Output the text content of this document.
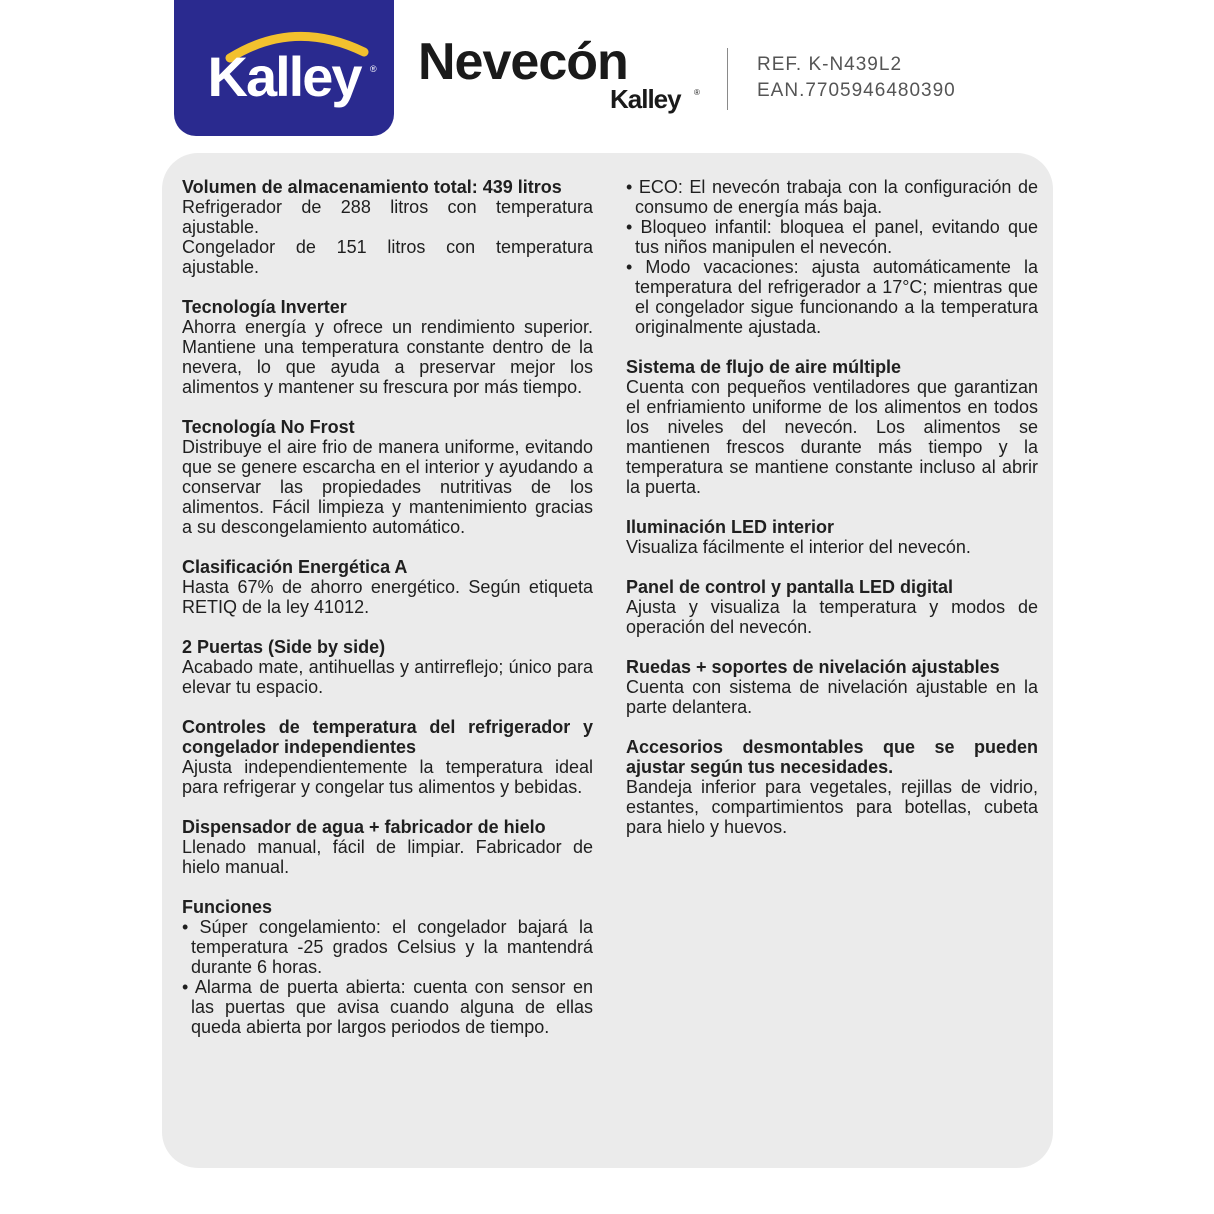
Kalley	® Nevecón
Kalley ®
REF. K-N439L2
EAN.7705946480390
Volumen de almacenamiento total: 439 litros
Refrigerador de 288 litros con temperatura ajustable.
Congelador de 151 litros con temperatura ajustable.
Tecnología Inverter
Ahorra energía y ofrece un rendimiento superior. Mantiene una temperatura constante dentro de la nevera, lo que ayuda a preservar mejor los alimentos y mantener su frescura por más tiempo.
Tecnología No Frost
Distribuye el aire frio de manera uniforme, evitando que se genere escarcha en el interior y ayudando a conservar las propiedades nutritivas de los alimentos. Fácil limpieza y mantenimiento gracias a su descongelamiento automático.
Clasificación Energética A
Hasta 67% de ahorro energético. Según etiqueta RETIQ de la ley 41012.
2 Puertas (Side by side)
Acabado mate, antihuellas y antirreflejo; único para elevar tu espacio.
Controles de temperatura del refrigerador y congelador independientes
Ajusta independientemente la temperatura ideal para refrigerar y congelar tus alimentos y bebidas.
Dispensador de agua + fabricador de hielo
Llenado manual, fácil de limpiar. Fabricador de hielo manual.
Funciones
• Súper congelamiento: el congelador bajará la temperatura -25 grados Celsius y la mantendrá durante 6 horas.
• Alarma de puerta abierta: cuenta con sensor en las puertas que avisa cuando alguna de ellas queda abierta por largos periodos de tiempo.
• ECO: El nevecón trabaja con la configuración de consumo de energía más baja.
• Bloqueo infantil: bloquea el panel, evitando que tus niños manipulen el nevecón.
• Modo vacaciones: ajusta automáticamente la temperatura del refrigerador a 17°C; mientras que el congelador sigue funcionando a la temperatura originalmente ajustada.
Sistema de flujo de aire múltiple
Cuenta con pequeños ventiladores que garantizan el enfriamiento uniforme de los alimentos en todos los niveles del nevecón. Los alimentos se mantienen frescos durante más tiempo y la temperatura se mantiene constante incluso al abrir la puerta.
Iluminación LED interior
Visualiza fácilmente el interior del nevecón.
Panel de control y pantalla LED digital
Ajusta y visualiza la temperatura y modos de operación del nevecón.
Ruedas + soportes de nivelación ajustables
Cuenta con sistema de nivelación ajustable en la parte delantera.
Accesorios desmontables que se pueden ajustar según tus necesidades.
Bandeja inferior para vegetales, rejillas de vidrio, estantes, compartimientos para botellas, cubeta para hielo y huevos.
